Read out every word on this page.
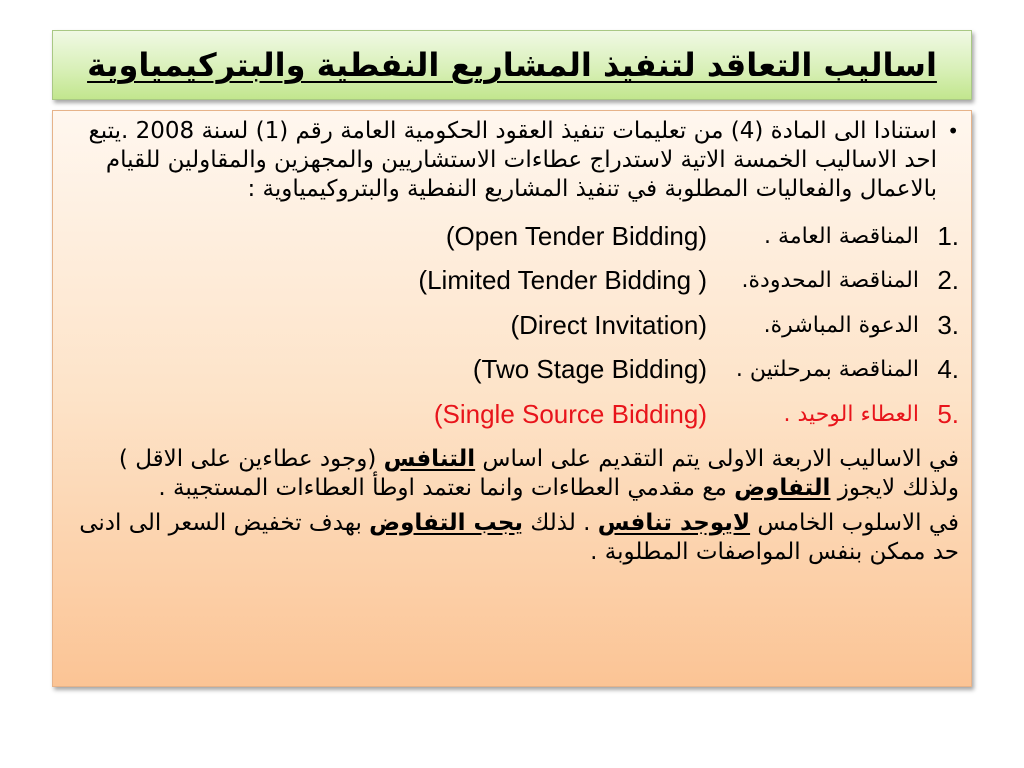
اساليب التعاقد لتنفيذ المشاريع النفطية والبتركيمياوية

•
استنادا الى المادة (4) من تعليمات تنفيذ العقود الحكومية العامة رقم (1) لسنة 2008 .يتبع احد الاساليب الخمسة الاتية لاستدراج عطاءات الاستشاريين والمجهزين والمقاولين للقيام بالاعمال والفعاليات المطلوبة في تنفيذ المشاريع النفطية والبتروكيمياوية :

1.
المناقصة العامة .
(Open Tender Bidding)
2.
المناقصة المحدودة.
(Limited Tender Bidding )
3.
الدعوة المباشرة.
(Direct Invitation)
4.
المناقصة بمرحلتين .
(Two Stage Bidding)
5.
العطاء الوحيد .
(Single Source Bidding)

في الاساليب الاربعة الاولى يتم التقديم على اساس التنافس (وجود عطاءين على الاقل ) ولذلك لايجوز التفاوض مع مقدمي العطاءات وانما نعتمد اوطأ العطاءات المستجيبة .

في الاسلوب الخامس لايوجد تنافس . لذلك يجب التفاوض بهدف تخفيض السعر الى ادنى حد ممكن بنفس المواصفات المطلوبة .
